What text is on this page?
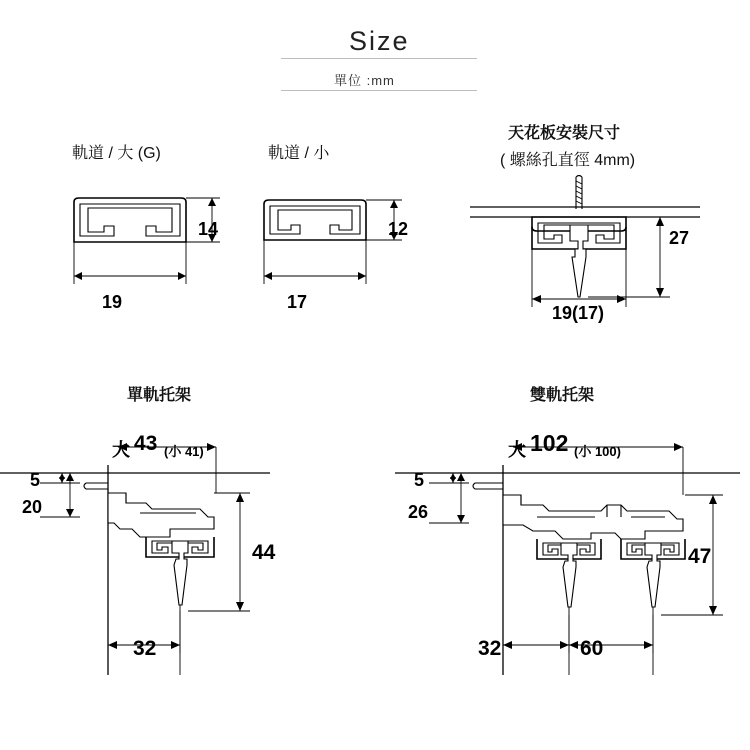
Size
單位 :mm
軌道 / 大 (G)
14
19
軌道 / 小
12
17
天花板安裝尺寸
( 螺絲孔直徑 4mm)
27
19(17)
單軌托架
大 43 (小 41)
5
20
44
32
雙軌托架
大 102 (小 100)
5
26
47
32	60
